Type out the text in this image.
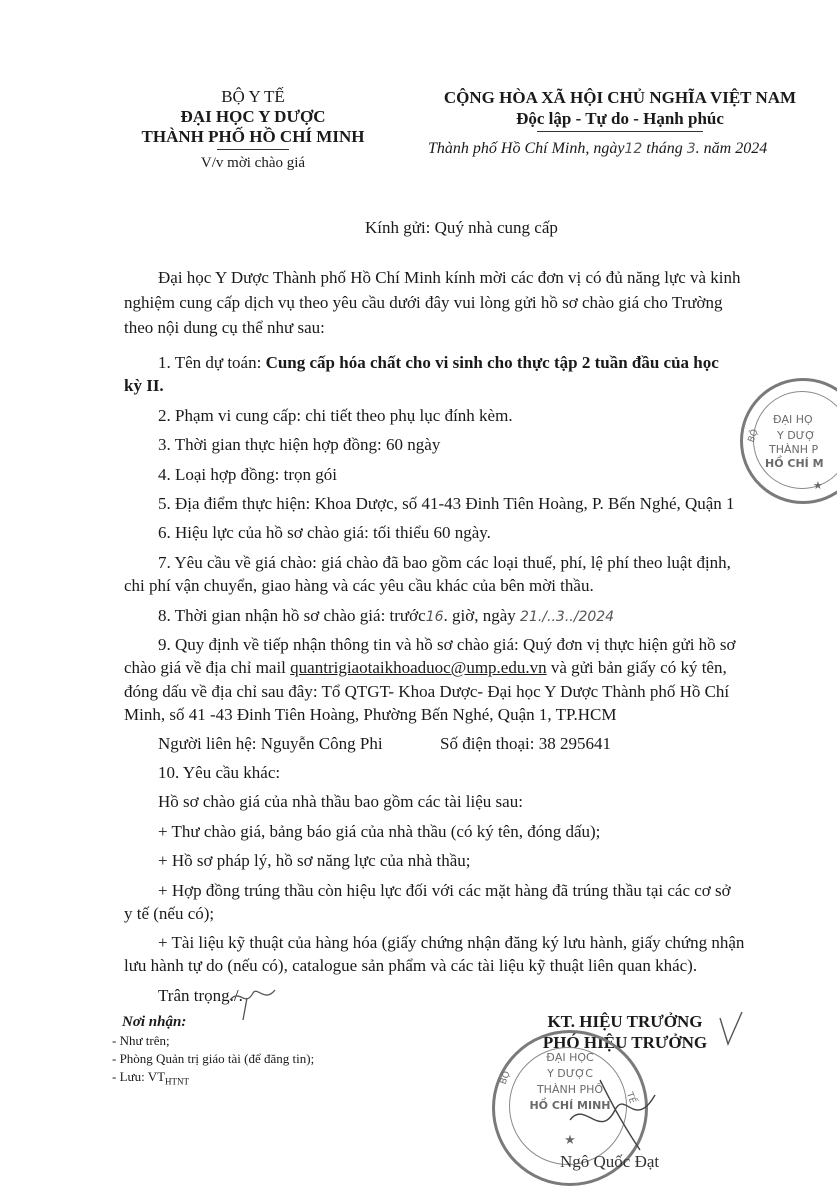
BỘ Y TẾ
ĐẠI HỌC Y DƯỢC
THÀNH PHỐ HỒ CHÍ MINH
V/v mời chào giá
CỘNG HÒA XÃ HỘI CHỦ NGHĨA VIỆT NAM
Độc lập - Tự do - Hạnh phúc
Thành phố Hồ Chí Minh, ngày12 tháng 3. năm 2024
Kính gửi: Quý nhà cung cấp
Đại học Y Dược Thành phố Hồ Chí Minh kính mời các đơn vị có đủ năng lực và kinh
nghiệm cung cấp dịch vụ theo yêu cầu dưới đây vui lòng gửi hồ sơ chào giá cho Trường
theo nội dung cụ thể như sau:
1. Tên dự toán: Cung cấp hóa chất cho vi sinh cho thực tập 2 tuần đầu của học
kỳ II.
2. Phạm vi cung cấp: chi tiết theo phụ lục đính kèm.
3. Thời gian thực hiện hợp đồng: 60 ngày
4. Loại hợp đồng: trọn gói
5. Địa điểm thực hiện: Khoa Dược, số 41-43 Đinh Tiên Hoàng, P. Bến Nghé, Quận 1
6. Hiệu lực của hồ sơ chào giá: tối thiểu 60 ngày.
7. Yêu cầu về giá chào: giá chào đã bao gồm các loại thuế, phí, lệ phí theo luật định,
chi phí vận chuyển, giao hàng và các yêu cầu khác của bên mời thầu.
8. Thời gian nhận hồ sơ chào giá: trước16. giờ, ngày 21./..3../2024
9. Quy định về tiếp nhận thông tin và hồ sơ chào giá: Quý đơn vị thực hiện gửi hồ sơ
chào giá về địa chỉ mail quantrigiaotaikhoaduoc@ump.edu.vn và gửi bản giấy có ký tên,
đóng dấu về địa chỉ sau đây: Tổ QTGT- Khoa Dược- Đại học Y Dược Thành phố Hồ Chí
Minh, số 41 -43 Đinh Tiên Hoàng, Phường Bến Nghé, Quận 1, TP.HCM
Người liên hệ: Nguyễn Công Phi	Số điện thoại: 38 295641
10. Yêu cầu khác:
Hồ sơ chào giá của nhà thầu bao gồm các tài liệu sau:
+ Thư chào giá, bảng báo giá của nhà thầu (có ký tên, đóng dấu);
+ Hồ sơ pháp lý, hồ sơ năng lực của nhà thầu;
+ Hợp đồng trúng thầu còn hiệu lực đối với các mặt hàng đã trúng thầu tại các cơ sở
y tế (nếu có);
+ Tài liệu kỹ thuật của hàng hóa (giấy chứng nhận đăng ký lưu hành, giấy chứng nhận
lưu hành tự do (nếu có), catalogue sản phẩm và các tài liệu kỹ thuật liên quan khác).
Trân trọng./.
Nơi nhận:
- Như trên;
- Phòng Quản trị giáo tài (để đăng tin);
- Lưu: $VT_{HTNT}$
KT. HIỆU TRƯỞNG
PHÓ HIỆU TRƯỞNG
ĐẠI HỌC
Y DƯỢC
THÀNH PHỐ
HỒ CHÍ MINH
BỘ
TẾ
★
Ngô Quốc Đạt
ĐẠI HỌ
Y DƯỢ
THÀNH P
HỒ CHÍ M
BỘ
★
